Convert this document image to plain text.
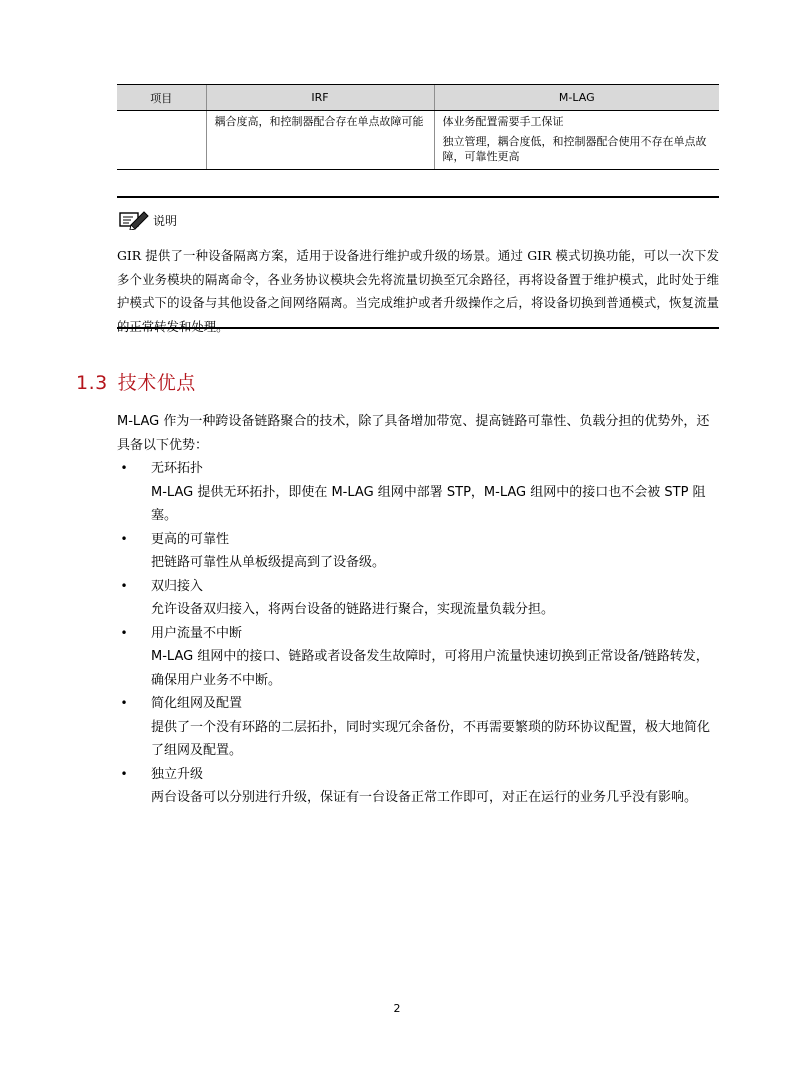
项目	IRF	M-LAG
	耦合度高，和控制器配合存在单点故障可能	体业务配置需要手工保证
独立管理，耦合度低，和控制器配合使用不存在单点故障，可靠性更高
说明

GIR 提供了一种设备隔离方案，适用于设备进行维护或升级的场景。通过 GIR 模式切换功能，可以一次下发多个业务模块的隔离命令，各业务协议模块会先将流量切换至冗余路径，再将设备置于维护模式，此时处于维护模式下的设备与其他设备之间网络隔离。当完成维护或者升级操作之后，将设备切换到普通模式，恢复流量的正常转发和处理。

1.3 技术优点

M-LAG 作为一种跨设备链路聚合的技术，除了具备增加带宽、提高链路可靠性、负载分担的优势外，还具备以下优势：

• 无环拓扑
M-LAG 提供无环拓扑，即使在 M-LAG 组网中部署 STP，M-LAG 组网中的接口也不会被 STP 阻塞。
• 更高的可靠性
把链路可靠性从单板级提高到了设备级。
• 双归接入
允许设备双归接入，将两台设备的链路进行聚合，实现流量负载分担。
• 用户流量不中断
M-LAG 组网中的接口、链路或者设备发生故障时，可将用户流量快速切换到正常设备/链路转发，确保用户业务不中断。
• 简化组网及配置
提供了一个没有环路的二层拓扑，同时实现冗余备份，不再需要繁琐的防环协议配置，极大地简化了组网及配置。
• 独立升级
两台设备可以分别进行升级，保证有一台设备正常工作即可，对正在运行的业务几乎没有影响。
2
